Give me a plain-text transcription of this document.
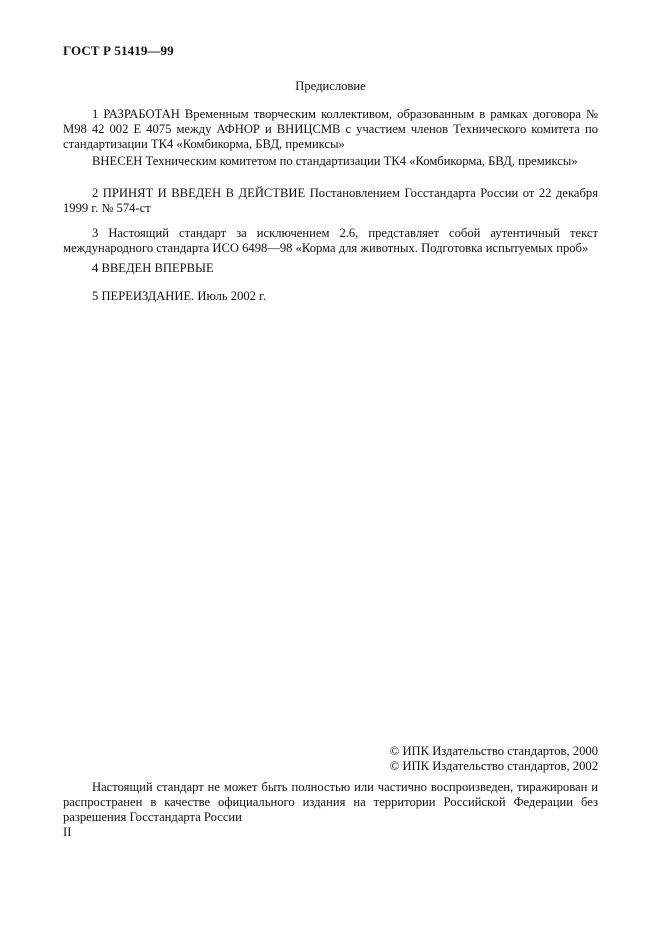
ГОСТ Р 51419—99
Предисловие
1 РАЗРАБОТАН Временным творческим коллективом, образованным в рамках договора № М98 42 002 Е 4075 между АФНОР и ВНИЦСМВ с участием членов Технического комитета по стандартизации ТК4 «Комбикорма, БВД, премиксы»
ВНЕСЕН Техническим комитетом по стандартизации ТК4 «Комбикорма, БВД, премиксы»
2 ПРИНЯТ И ВВЕДЕН В ДЕЙСТВИЕ Постановлением Госстандарта России от 22 декабря 1999 г. № 574-ст
3 Настоящий стандарт за исключением 2.6, представляет собой аутентичный текст международного стандарта ИСО 6498—98 «Корма для животных. Подготовка испытуемых проб»
4 ВВЕДЕН ВПЕРВЫЕ
5 ПЕРЕИЗДАНИЕ. Июль 2002 г.
© ИПК Издательство стандартов, 2000
© ИПК Издательство стандартов, 2002
Настоящий стандарт не может быть полностью или частично воспроизведен, тиражирован и распространен в качестве официального издания на территории Российской Федерации без разрешения Госстандарта России
II
